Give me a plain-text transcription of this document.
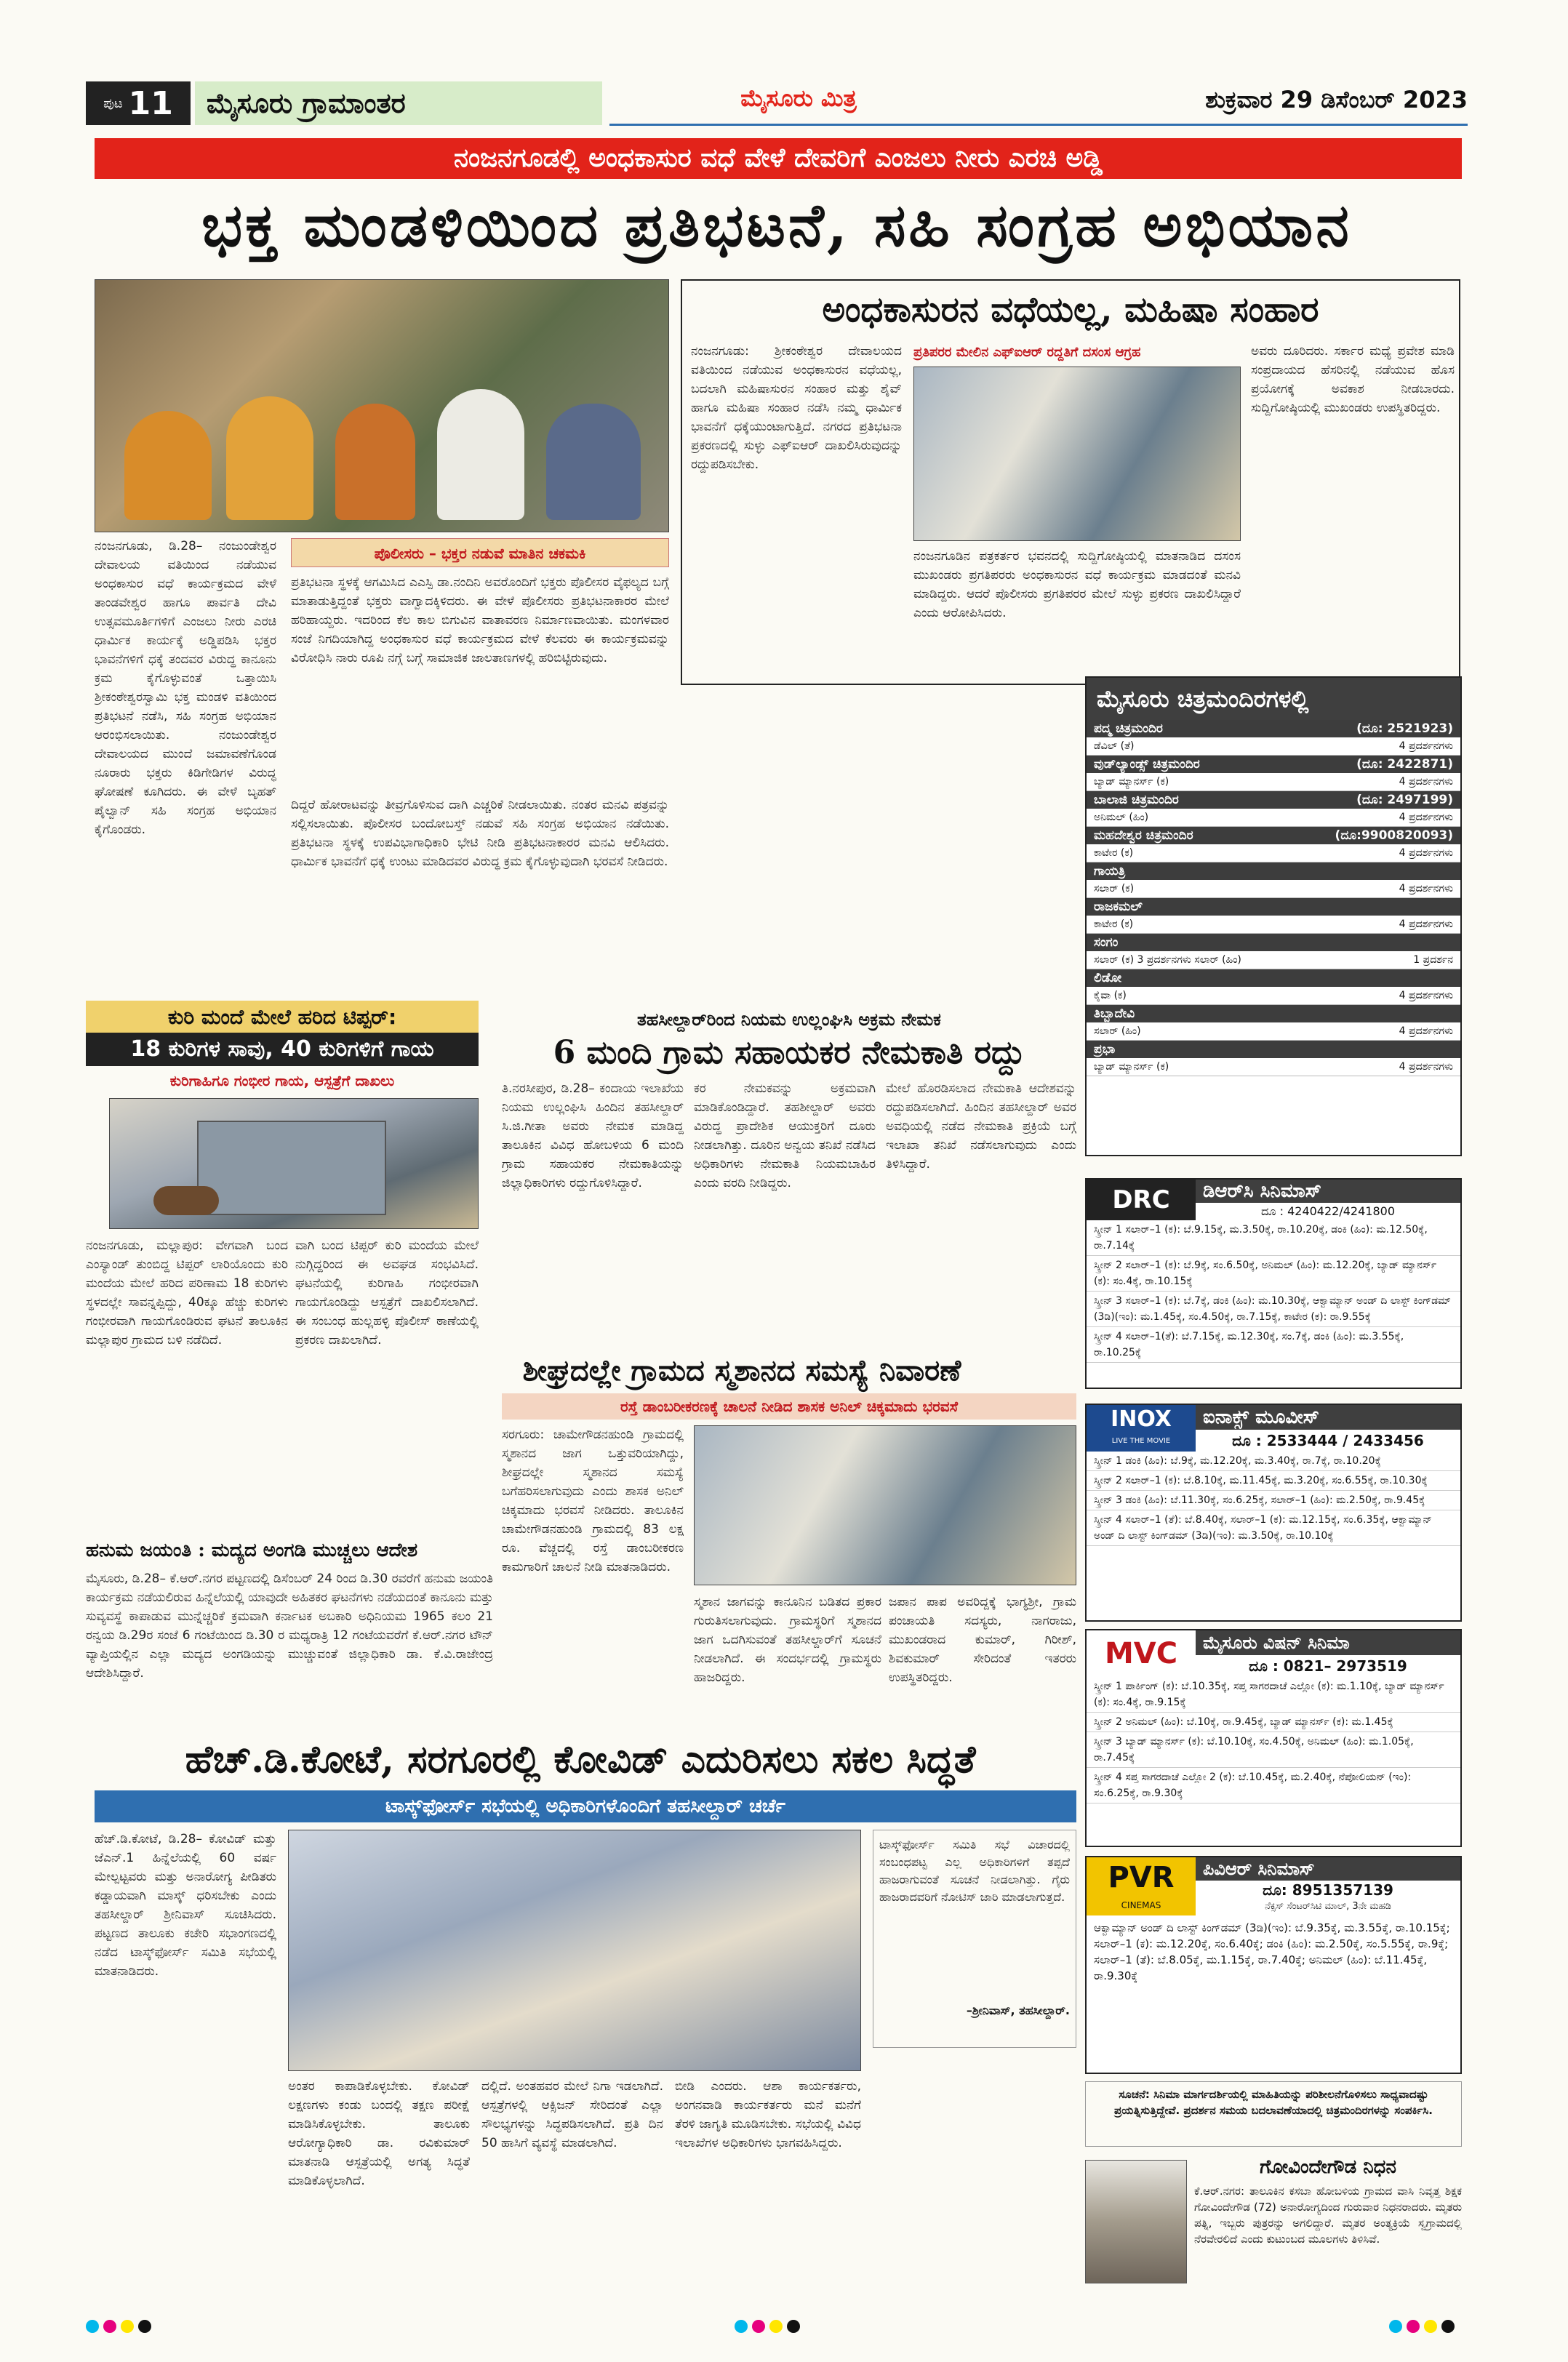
ಪುಟ 11	ಮೈಸೂರು ಗ್ರಾಮಾಂತರ	ಮೈಸೂರು ಮಿತ್ರ	ಶುಕ್ರವಾರ 29 ಡಿಸೆಂಬರ್ 2023
ನಂಜನಗೂಡಲ್ಲಿ ಅಂಧಕಾಸುರ ವಧೆ ವೇಳೆ ದೇವರಿಗೆ ಎಂಜಲು ನೀರು ಎರಚಿ ಅಡ್ಡಿ
ಭಕ್ತ ಮಂಡಳಿಯಿಂದ ಪ್ರತಿಭಟನೆ, ಸಹಿ ಸಂಗ್ರಹ ಅಭಿಯಾನ
ನಂಜನಗೂಡು, ಡಿ.28– ನಂಜುಂಡೇಶ್ವರ ದೇವಾಲಯ ವತಿಯಿಂದ ನಡೆಯುವ ಅಂಧಕಾಸುರ ವಧೆ ಕಾರ್ಯಕ್ರಮದ ವೇಳೆ ತಾಂಡವೇಶ್ವರ ಹಾಗೂ ಪಾರ್ವತಿ ದೇವಿ ಉತ್ಸವಮೂರ್ತಿಗಳಿಗೆ ಎಂಜಲು ನೀರು ಎರಚಿ ಧಾರ್ಮಿಕ ಕಾರ್ಯಕ್ಕೆ ಅಡ್ಡಿಪಡಿಸಿ ಭಕ್ತರ ಭಾವನೆಗಳಿಗೆ ಧಕ್ಕೆ ತಂದವರ ವಿರುದ್ಧ ಕಾನೂನು ಕ್ರಮ ಕೈಗೊಳ್ಳುವಂತೆ ಒತ್ತಾಯಿಸಿ ಶ್ರೀಕಂಠೇಶ್ವರಸ್ವಾಮಿ ಭಕ್ತ ಮಂಡಳಿ ವತಿಯಿಂದ ಪ್ರತಿಭಟನೆ ನಡೆಸಿ, ಸಹಿ ಸಂಗ್ರಹ ಅಭಿಯಾನ ಆರಂಭಿಸಲಾಯಿತು. ನಂಜುಂಡೇಶ್ವರ ದೇವಾಲಯದ ಮುಂದೆ ಜಮಾವಣೆಗೊಂಡ ನೂರಾರು ಭಕ್ತರು ಕಿಡಿಗೇಡಿಗಳ ವಿರುದ್ಧ ಘೋಷಣೆ ಕೂಗಿದರು. ಈ ವೇಳೆ ಬೃಹತ್ ಪೈಲ್ವಾನ್ ಸಹಿ ಸಂಗ್ರಹ ಅಭಿಯಾನ ಕೈಗೊಂಡರು.
ಪೊಲೀಸರು – ಭಕ್ತರ ನಡುವೆ ಮಾತಿನ ಚಕಮಕಿ
ಪ್ರತಿಭಟನಾ ಸ್ಥಳಕ್ಕೆ ಆಗಮಿಸಿದ ಎಎಸ್ಪಿ ಡಾ.ನಂದಿನಿ ಅವರೊಂದಿಗೆ ಭಕ್ತರು ಪೊಲೀಸರ ವೈಫಲ್ಯದ ಬಗ್ಗೆ ಮಾತಾಡುತ್ತಿದ್ದಂತೆ ಭಕ್ತರು ವಾಗ್ವಾದಕ್ಕಿಳಿದರು. ಈ ವೇಳೆ ಪೊಲೀಸರು ಪ್ರತಿಭಟನಾಕಾರರ ಮೇಲೆ ಹರಿಹಾಯ್ದರು. ಇದರಿಂದ ಕೆಲ ಕಾಲ ಬಿಗುವಿನ ವಾತಾವರಣ ನಿರ್ಮಾಣವಾಯಿತು. ಮಂಗಳವಾರ ಸಂಜೆ ನಿಗದಿಯಾಗಿದ್ದ ಅಂಧಕಾಸುರ ವಧೆ ಕಾರ್ಯಕ್ರಮದ ವೇಳೆ ಕೆಲವರು ಈ ಕಾರ್ಯಕ್ರಮವನ್ನು ವಿರೋಧಿಸಿ ನಾರು ರೂಪಿ ನಗ್ಗೆ ಬಗ್ಗೆ ಸಾಮಾಜಿಕ ಜಾಲತಾಣಗಳಲ್ಲಿ ಹರಿಬಿಟ್ಟಿರುವುದು.
ದಿದ್ದರೆ ಹೋರಾಟವನ್ನು ತೀವ್ರಗೊಳಿಸುವ ದಾಗಿ ಎಚ್ಚರಿಕೆ ನೀಡಲಾಯಿತು. ನಂತರ ಮನವಿ ಪತ್ರವನ್ನು ಸಲ್ಲಿಸಲಾಯಿತು. ಪೊಲೀಸರ ಬಂದೋಬಸ್ತ್ ನಡುವೆ ಸಹಿ ಸಂಗ್ರಹ ಅಭಿಯಾನ ನಡೆಯಿತು. ಪ್ರತಿಭಟನಾ ಸ್ಥಳಕ್ಕೆ ಉಪವಿಭಾಗಾಧಿಕಾರಿ ಭೇಟಿ ನೀಡಿ ಪ್ರತಿಭಟನಾಕಾರರ ಮನವಿ ಆಲಿಸಿದರು. ಧಾರ್ಮಿಕ ಭಾವನೆಗೆ ಧಕ್ಕೆ ಉಂಟು ಮಾಡಿದವರ ವಿರುದ್ಧ ಕ್ರಮ ಕೈಗೊಳ್ಳುವುದಾಗಿ ಭರವಸೆ ನೀಡಿದರು.
ಅಂಧಕಾಸುರನ ವಧೆಯಲ್ಲ, ಮಹಿಷಾ ಸಂಹಾರ
ನಂಜನಗೂಡು: ಶ್ರೀಕಂಠೇಶ್ವರ ದೇವಾಲಯದ ವತಿಯಿಂದ ನಡೆಯುವ ಅಂಧಕಾಸುರನ ವಧೆಯಲ್ಲ, ಬದಲಾಗಿ ಮಹಿಷಾಸುರನ ಸಂಹಾರ ಮತ್ತು ಶೈವ್‌ ಹಾಗೂ ಮಹಿಷಾ ಸಂಹಾರ ನಡೆಸಿ ನಮ್ಮ ಧಾರ್ಮಿಕ ಭಾವನೆಗೆ ಧಕ್ಕೆಯುಂಟಾಗುತ್ತಿದೆ. ನಗರದ ಪ್ರತಿಭಟನಾ ಪ್ರಕರಣದಲ್ಲಿ ಸುಳ್ಳು ಎಫ್‌ಐಆರ್ ದಾಖಲಿಸಿರುವುದನ್ನು ರದ್ದುಪಡಿಸಬೇಕು.
ಪ್ರತಿಪರರ ಮೇಲಿನ ಎಫ್‌ಐಆರ್ ರದ್ದತಿಗೆ ದಸಂಸ ಆಗ್ರಹ
ನಂಜನಗೂಡಿನ ಪತ್ರಕರ್ತರ ಭವನದಲ್ಲಿ ಸುದ್ದಿಗೋಷ್ಠಿಯಲ್ಲಿ ಮಾತನಾಡಿದ ದಸಂಸ ಮುಖಂಡರು ಪ್ರಗತಿಪರರು ಅಂಧಕಾಸುರನ ವಧೆ ಕಾರ್ಯಕ್ರಮ ಮಾಡದಂತೆ ಮನವಿ ಮಾಡಿದ್ದರು. ಆದರೆ ಪೊಲೀಸರು ಪ್ರಗತಿಪರರ ಮೇಲೆ ಸುಳ್ಳು ಪ್ರಕರಣ ದಾಖಲಿಸಿದ್ದಾರೆ ಎಂದು ಆರೋಪಿಸಿದರು.
ಅವರು ದೂರಿದರು. ಸರ್ಕಾರ ಮಧ್ಯೆ ಪ್ರವೇಶ ಮಾಡಿ ಸಂಪ್ರದಾಯದ ಹೆಸರಿನಲ್ಲಿ ನಡೆಯುವ ಹೊಸ ಪ್ರಯೋಗಕ್ಕೆ ಅವಕಾಶ ನೀಡಬಾರದು. ಸುದ್ದಿಗೋಷ್ಠಿಯಲ್ಲಿ ಮುಖಂಡರು ಉಪಸ್ಥಿತರಿದ್ದರು.
ಮೈಸೂರು ಚಿತ್ರಮಂದಿರಗಳಲ್ಲಿ
ಪದ್ಮ ಚಿತ್ರಮಂದಿರ	(ದೂ: 2521923)
ಡೆವಿಲ್ (ತೆ)	4 ಪ್ರದರ್ಶನಗಳು
ವುಡ್‌ಲ್ಯಾಂಡ್ಸ್ ಚಿತ್ರಮಂದಿರ	(ದೂ: 2422871)
ಬ್ಯಾಡ್ ಮ್ಯಾನರ್ಸ್ (ಕ)	4 ಪ್ರದರ್ಶನಗಳು
ಬಾಲಾಜಿ ಚಿತ್ರಮಂದಿರ	(ದೂ: 2497199)
ಅನಿಮಲ್ (ಹಿಂ)	4 ಪ್ರದರ್ಶನಗಳು
ಮಹದೇಶ್ವರ ಚಿತ್ರಮಂದಿರ	(ದೂ:9900820093)
ಕಾಟೇರ (ಕ)	4 ಪ್ರದರ್ಶನಗಳು
ಗಾಯತ್ರಿ
ಸಲಾರ್ (ಕ)	4 ಪ್ರದರ್ಶನಗಳು
ರಾಜಕಮಲ್
ಕಾಟೇರ (ಕ)	4 ಪ್ರದರ್ಶನಗಳು
ಸಂಗಂ
ಸಲಾರ್ (ಕ) 3 ಪ್ರದರ್ಶನಗಳು ಸಲಾರ್ (ಹಿಂ)	1 ಪ್ರದರ್ಶನ
ಲಿಡೋ
ಕೈವಾ (ಕ)	4 ಪ್ರದರ್ಶನಗಳು
ತಿಬ್ಬಾದೇವಿ
ಸಲಾರ್ (ಹಿಂ)	4 ಪ್ರದರ್ಶನಗಳು
ಪ್ರಭಾ
ಬ್ಯಾಡ್ ಮ್ಯಾನರ್ಸ್ (ಕ)	4 ಪ್ರದರ್ಶನಗಳು
ಕುರಿ ಮಂದೆ ಮೇಲೆ ಹರಿದ ಟಿಪ್ಪರ್:
18 ಕುರಿಗಳ ಸಾವು, 40 ಕುರಿಗಳಿಗೆ ಗಾಯ
ಕುರಿಗಾಹಿಗೂ ಗಂಭೀರ ಗಾಯ, ಆಸ್ಪತ್ರೆಗೆ ದಾಖಲು
ನಂಜನಗೂಡು, ಮಲ್ಲಾಪುರ: ವೇಗವಾಗಿ ಬಂದ ಎಂಸ್ಯಾಂಡ್ ತುಂಬಿದ್ದ ಟಿಪ್ಪರ್ ಲಾರಿಯೊಂದು ಕುರಿ ಮಂದೆಯ ಮೇಲೆ ಹರಿದ ಪರಿಣಾಮ 18 ಕುರಿಗಳು ಸ್ಥಳದಲ್ಲೇ ಸಾವನ್ನಪ್ಪಿದ್ದು, 40ಕ್ಕೂ ಹೆಚ್ಚು ಕುರಿಗಳು ಗಂಭೀರವಾಗಿ ಗಾಯಗೊಂಡಿರುವ ಘಟನೆ ತಾಲೂಕಿನ ಮಲ್ಲಾಪುರ ಗ್ರಾಮದ ಬಳಿ ನಡೆದಿದೆ.
ವಾಗಿ ಬಂದ ಟಿಪ್ಪರ್ ಕುರಿ ಮಂದೆಯ ಮೇಲೆ ನುಗ್ಗಿದ್ದರಿಂದ ಈ ಅವಘಡ ಸಂಭವಿಸಿದೆ. ಘಟನೆಯಲ್ಲಿ ಕುರಿಗಾಹಿ ಗಂಭೀರವಾಗಿ ಗಾಯಗೊಂಡಿದ್ದು ಆಸ್ಪತ್ರೆಗೆ ದಾಖಲಿಸಲಾಗಿದೆ. ಈ ಸಂಬಂಧ ಹುಲ್ಲಹಳ್ಳಿ ಪೊಲೀಸ್ ಠಾಣೆಯಲ್ಲಿ ಪ್ರಕರಣ ದಾಖಲಾಗಿದೆ.
ತಹಸೀಲ್ದಾರ್‌ರಿಂದ ನಿಯಮ ಉಲ್ಲಂಘಿಸಿ ಅಕ್ರಮ ನೇಮಕ
6 ಮಂದಿ ಗ್ರಾಮ ಸಹಾಯಕರ ನೇಮಕಾತಿ ರದ್ದು
ತಿ.ನರಸೀಪುರ, ಡಿ.28– ಕಂದಾಯ ಇಲಾಖೆಯ ನಿಯಮ ಉಲ್ಲಂಘಿಸಿ ಹಿಂದಿನ ತಹಸೀಲ್ದಾರ್ ಸಿ.ಜಿ.ಗೀತಾ ಅವರು ನೇಮಕ ಮಾಡಿದ್ದ ತಾಲೂಕಿನ ವಿವಿಧ ಹೋಬಳಿಯ 6 ಮಂದಿ ಗ್ರಾಮ ಸಹಾಯಕರ ನೇಮಕಾತಿಯನ್ನು ಜಿಲ್ಲಾಧಿಕಾರಿಗಳು ರದ್ದುಗೊಳಿಸಿದ್ದಾರೆ.
ಕರ ನೇಮಕವನ್ನು ಅಕ್ರಮವಾಗಿ ಮಾಡಿಕೊಂಡಿದ್ದಾರೆ. ತಹಶೀಲ್ದಾರ್ ಅವರು ವಿರುದ್ಧ ಪ್ರಾದೇಶಿಕ ಆಯುಕ್ತರಿಗೆ ದೂರು ನೀಡಲಾಗಿತ್ತು. ದೂರಿನ ಅನ್ವಯ ತನಿಖೆ ನಡೆಸಿದ ಅಧಿಕಾರಿಗಳು ನೇಮಕಾತಿ ನಿಯಮಬಾಹಿರ ಎಂದು ವರದಿ ನೀಡಿದ್ದರು.
ಮೇಲೆ ಹೊರಡಿಸಲಾದ ನೇಮಕಾತಿ ಆದೇಶವನ್ನು ರದ್ದುಪಡಿಸಲಾಗಿದೆ. ಹಿಂದಿನ ತಹಸೀಲ್ದಾರ್ ಅವರ ಅವಧಿಯಲ್ಲಿ ನಡೆದ ನೇಮಕಾತಿ ಪ್ರಕ್ರಿಯೆ ಬಗ್ಗೆ ಇಲಾಖಾ ತನಿಖೆ ನಡೆಸಲಾಗುವುದು ಎಂದು ತಿಳಿಸಿದ್ದಾರೆ.
DRC	ಡಿಆರ್‌ಸಿ ಸಿನಿಮಾಸ್
ದೂ : 4240422/4241800
ಸ್ಕ್ರೀನ್ 1 ಸಲಾರ್–1 (ಕ): ಬೆ.9.15ಕ್ಕೆ, ಮ.3.50ಕ್ಕೆ, ರಾ.10.20ಕ್ಕೆ, ಡಂಕಿ (ಹಿಂ): ಮ.12.50ಕ್ಕೆ, ರಾ.7.14ಕ್ಕೆ
ಸ್ಕ್ರೀನ್ 2 ಸಲಾರ್–1 (ಕ): ಬೆ.9ಕ್ಕೆ, ಸಂ.6.50ಕ್ಕೆ, ಅನಿಮಲ್ (ಹಿಂ): ಮ.12.20ಕ್ಕೆ, ಬ್ಯಾಡ್ ಮ್ಯಾನರ್ಸ್ (ಕ): ಸಂ.4ಕ್ಕೆ, ರಾ.10.15ಕ್ಕೆ
ಸ್ಕ್ರೀನ್ 3 ಸಲಾರ್–1 (ಕ): ಬೆ.7ಕ್ಕೆ, ಡಂಕಿ (ಹಿಂ): ಮ.10.30ಕ್ಕೆ, ಆಕ್ವಾಮ್ಯಾನ್ ಅಂಡ್ ದಿ ಲಾಸ್ಟ್ ಕಿಂಗ್‌ಡಮ್ (3ಡಿ)(ಇಂ): ಮ.1.45ಕ್ಕೆ, ಸಂ.4.50ಕ್ಕೆ, ರಾ.7.15ಕ್ಕೆ, ಕಾಟೇರ (ಕ): ರಾ.9.55ಕ್ಕೆ
ಸ್ಕ್ರೀನ್ 4 ಸಲಾರ್–1(ತೆ): ಬೆ.7.15ಕ್ಕೆ, ಮ.12.30ಕ್ಕೆ, ಸಂ.7ಕ್ಕೆ, ಡಂಕಿ (ಹಿಂ): ಮ.3.55ಕ್ಕೆ, ರಾ.10.25ಕ್ಕೆ
ಶೀಘ್ರದಲ್ಲೇ ಗ್ರಾಮದ ಸ್ಮಶಾನದ ಸಮಸ್ಯೆ ನಿವಾರಣೆ
ರಸ್ತೆ ಡಾಂಬರೀಕರಣಕ್ಕೆ ಚಾಲನೆ ನೀಡಿದ ಶಾಸಕ ಅನಿಲ್ ಚಿಕ್ಕಮಾದು ಭರವಸೆ
ಸರಗೂರು: ಚಾಮೇಗೌಡನಹುಂಡಿ ಗ್ರಾಮದಲ್ಲಿ ಸ್ಮಶಾನದ ಜಾಗ ಒತ್ತುವರಿಯಾಗಿದ್ದು, ಶೀಘ್ರದಲ್ಲೇ ಸ್ಮಶಾನದ ಸಮಸ್ಯೆ ಬಗೆಹರಿಸಲಾಗುವುದು ಎಂದು ಶಾಸಕ ಅನಿಲ್ ಚಿಕ್ಕಮಾದು ಭರವಸೆ ನೀಡಿದರು. ತಾಲೂಕಿನ ಚಾಮೇಗೌಡನಹುಂಡಿ ಗ್ರಾಮದಲ್ಲಿ 83 ಲಕ್ಷ ರೂ. ವೆಚ್ಚದಲ್ಲಿ ರಸ್ತೆ ಡಾಂಬರೀಕರಣ ಕಾಮಗಾರಿಗೆ ಚಾಲನೆ ನೀಡಿ ಮಾತನಾಡಿದರು.
ಸ್ಮಶಾನ ಜಾಗವನ್ನು ಕಾನೂನಿನ ಬಡಿತದ ಪ್ರಕಾರ ಗುರುತಿಸಲಾಗುವುದು. ಗ್ರಾಮಸ್ಥರಿಗೆ ಸ್ಮಶಾನದ ಜಾಗ ಒದಗಿಸುವಂತೆ ತಹಸೀಲ್ದಾರ್‌ಗೆ ಸೂಚನೆ ನೀಡಲಾಗಿದೆ. ಈ ಸಂದರ್ಭದಲ್ಲಿ ಗ್ರಾಮಸ್ಥರು ಹಾಜರಿದ್ದರು.
ಜಪಾನ ಪಾಪ ಅವರಿದ್ದಕ್ಕೆ ಭಾಗ್ಯಶ್ರೀ, ಗ್ರಾಮ ಪಂಚಾಯತಿ ಸದಸ್ಯರು, ನಾಗರಾಜು, ಮುಖಂಡರಾದ ಕುಮಾರ್, ಗಿರೀಶ್, ಶಿವಕುಮಾರ್ ಸೇರಿದಂತೆ ಇತರರು ಉಪಸ್ಥಿತರಿದ್ದರು.
ಹನುಮ ಜಯಂತಿ : ಮದ್ಯದ ಅಂಗಡಿ ಮುಚ್ಚಲು ಆದೇಶ
ಮೈಸೂರು, ಡಿ.28– ಕೆ.ಆರ್.ನಗರ ಪಟ್ಟಣದಲ್ಲಿ ಡಿಸೆಂಬರ್ 24 ರಿಂದ ಡಿ.30 ರವರೆಗೆ ಹನುಮ ಜಯಂತಿ ಕಾರ್ಯಕ್ರಮ ನಡೆಯಲಿರುವ ಹಿನ್ನೆಲೆಯಲ್ಲಿ ಯಾವುದೇ ಅಹಿತಕರ ಘಟನೆಗಳು ನಡೆಯದಂತೆ ಕಾನೂನು ಮತ್ತು ಸುವ್ಯವಸ್ಥೆ ಕಾಪಾಡುವ ಮುನ್ನೆಚ್ಚರಿಕೆ ಕ್ರಮವಾಗಿ ಕರ್ನಾಟಕ ಅಬಕಾರಿ ಅಧಿನಿಯಮ 1965 ಕಲಂ 21 ರನ್ವಯ ಡಿ.29ರ ಸಂಜೆ 6 ಗಂಟೆಯಿಂದ ಡಿ.30 ರ ಮಧ್ಯರಾತ್ರಿ 12 ಗಂಟೆಯವರೆಗೆ ಕೆ.ಆರ್.ನಗರ ಟೌನ್ ವ್ಯಾಪ್ತಿಯಲ್ಲಿನ ಎಲ್ಲಾ ಮದ್ಯದ ಅಂಗಡಿಯನ್ನು ಮುಚ್ಚುವಂತೆ ಜಿಲ್ಲಾಧಿಕಾರಿ ಡಾ. ಕೆ.ವಿ.ರಾಜೇಂದ್ರ ಆದೇಶಿಸಿದ್ದಾರೆ.
INOX
LIVE THE MOVIE
ಐನಾಕ್ಸ್ ಮೂವೀಸ್
ದೂ : 2533444 / 2433456
ಸ್ಕ್ರೀನ್ 1 ಡಂಕಿ (ಹಿಂ): ಬೆ.9ಕ್ಕೆ, ಮ.12.20ಕ್ಕೆ, ಮ.3.40ಕ್ಕೆ, ರಾ.7ಕ್ಕೆ, ರಾ.10.20ಕ್ಕೆ
ಸ್ಕ್ರೀನ್ 2 ಸಲಾರ್–1 (ಕ): ಬೆ.8.10ಕ್ಕೆ, ಮ.11.45ಕ್ಕೆ, ಮ.3.20ಕ್ಕೆ, ಸಂ.6.55ಕ್ಕೆ, ರಾ.10.30ಕ್ಕೆ
ಸ್ಕ್ರೀನ್ 3 ಡಂಕಿ (ಹಿಂ): ಬೆ.11.30ಕ್ಕೆ, ಸಂ.6.25ಕ್ಕೆ, ಸಲಾರ್–1 (ಹಿಂ): ಮ.2.50ಕ್ಕೆ, ರಾ.9.45ಕ್ಕೆ
ಸ್ಕ್ರೀನ್ 4 ಸಲಾರ್–1 (ತೆ): ಬೆ.8.40ಕ್ಕೆ, ಸಲಾರ್–1 (ಕ): ಮ.12.15ಕ್ಕೆ, ಸಂ.6.35ಕ್ಕೆ, ಆಕ್ವಾಮ್ಯಾನ್ ಅಂಡ್ ದಿ ಲಾಸ್ಟ್ ಕಿಂಗ್‌ಡಮ್ (3ಡಿ)(ಇಂ): ಮ.3.50ಕ್ಕೆ, ರಾ.10.10ಕ್ಕೆ
MVC	ಮೈಸೂರು ವಿಷನ್ ಸಿನಿಮಾ
ದೂ : 0821– 2973519
ಸ್ಕ್ರೀನ್ 1 ಪಾರ್ಕಿಂಗ್ (ಕ): ಬೆ.10.35ಕ್ಕೆ, ಸಪ್ತ ಸಾಗರದಾಚೆ ಎಲ್ಲೋ (ಕ): ಮ.1.10ಕ್ಕೆ, ಬ್ಯಾಡ್ ಮ್ಯಾನರ್ಸ್ (ಕ): ಸಂ.4ಕ್ಕೆ, ರಾ.9.15ಕ್ಕೆ
ಸ್ಕ್ರೀನ್ 2 ಅನಿಮಲ್ (ಹಿಂ): ಬೆ.10ಕ್ಕೆ, ರಾ.9.45ಕ್ಕೆ, ಬ್ಯಾಡ್ ಮ್ಯಾನರ್ಸ್ (ಕ): ಮ.1.45ಕ್ಕೆ
ಸ್ಕ್ರೀನ್ 3 ಬ್ಯಾಡ್ ಮ್ಯಾನರ್ಸ್ (ಕ): ಬೆ.10.10ಕ್ಕೆ, ಸಂ.4.50ಕ್ಕೆ, ಅನಿಮಲ್ (ಹಿಂ): ಮ.1.05ಕ್ಕೆ, ರಾ.7.45ಕ್ಕೆ
ಸ್ಕ್ರೀನ್ 4 ಸಪ್ತ ಸಾಗರದಾಚೆ ಎಲ್ಲೋ 2 (ಕ): ಬೆ.10.45ಕ್ಕೆ, ಮ.2.40ಕ್ಕೆ, ನೆಪೋಲಿಯನ್ (ಇಂ): ಸಂ.6.25ಕ್ಕೆ, ರಾ.9.30ಕ್ಕೆ
ಹೆಚ್.ಡಿ.ಕೋಟೆ, ಸರಗೂರಲ್ಲಿ ಕೋವಿಡ್ ಎದುರಿಸಲು ಸಕಲ ಸಿದ್ಧತೆ
ಟಾಸ್ಕ್‌ಫೋರ್ಸ್ ಸಭೆಯಲ್ಲಿ ಅಧಿಕಾರಿಗಳೊಂದಿಗೆ ತಹಸೀಲ್ದಾರ್ ಚರ್ಚೆ
ಹೆಚ್.ಡಿ.ಕೋಟೆ, ಡಿ.28– ಕೋವಿಡ್ ಮತ್ತು ಜೆಎನ್.1 ಹಿನ್ನೆಲೆಯಲ್ಲಿ 60 ವರ್ಷ ಮೇಲ್ಪಟ್ಟವರು ಮತ್ತು ಅನಾರೋಗ್ಯ ಪೀಡಿತರು ಕಡ್ಡಾಯವಾಗಿ ಮಾಸ್ಕ್ ಧರಿಸಬೇಕು ಎಂದು ತಹಸೀಲ್ದಾರ್ ಶ್ರೀನಿವಾಸ್ ಸೂಚಿಸಿದರು. ಪಟ್ಟಣದ ತಾಲೂಕು ಕಚೇರಿ ಸಭಾಂಗಣದಲ್ಲಿ ನಡೆದ ಟಾಸ್ಕ್‌ಫೋರ್ಸ್ ಸಮಿತಿ ಸಭೆಯಲ್ಲಿ ಮಾತನಾಡಿದರು.
ಅಂತರ ಕಾಪಾಡಿಕೊಳ್ಳಬೇಕು. ಕೋವಿಡ್ ಲಕ್ಷಣಗಳು ಕಂಡು ಬಂದಲ್ಲಿ ತಕ್ಷಣ ಪರೀಕ್ಷೆ ಮಾಡಿಸಿಕೊಳ್ಳಬೇಕು. ತಾಲೂಕು ಆರೋಗ್ಯಾಧಿಕಾರಿ ಡಾ. ರವಿಕುಮಾರ್ ಮಾತನಾಡಿ ಆಸ್ಪತ್ರೆಯಲ್ಲಿ ಅಗತ್ಯ ಸಿದ್ಧತೆ ಮಾಡಿಕೊಳ್ಳಲಾಗಿದೆ.
ದಲ್ಲಿದೆ. ಅಂತಹವರ ಮೇಲೆ ನಿಗಾ ಇಡಲಾಗಿದೆ. ಆಸ್ಪತ್ರೆಗಳಲ್ಲಿ ಆಕ್ಸಿಜನ್ ಸೇರಿದಂತೆ ಎಲ್ಲಾ ಸೌಲಭ್ಯಗಳನ್ನು ಸಿದ್ಧಪಡಿಸಲಾಗಿದೆ. ಪ್ರತಿ ದಿನ 50 ಹಾಸಿಗೆ ವ್ಯವಸ್ಥೆ ಮಾಡಲಾಗಿದೆ.
ಬೀಡಿ ಎಂದರು. ಆಶಾ ಕಾರ್ಯಕರ್ತರು, ಅಂಗನವಾಡಿ ಕಾರ್ಯಕರ್ತರು ಮನೆ ಮನೆಗೆ ತೆರಳಿ ಜಾಗೃತಿ ಮೂಡಿಸಬೇಕು. ಸಭೆಯಲ್ಲಿ ವಿವಿಧ ಇಲಾಖೆಗಳ ಅಧಿಕಾರಿಗಳು ಭಾಗವಹಿಸಿದ್ದರು.
ಟಾಸ್ಕ್‌ಫೋರ್ಸ್ ಸಮಿತಿ ಸಭೆ ವಿಚಾರದಲ್ಲಿ ಸಂಬಂಧಪಟ್ಟ ಎಲ್ಲ ಅಧಿಕಾರಿಗಳಿಗೆ ತಪ್ಪದೆ ಹಾಜರಾಗುವಂತೆ ಸೂಚನೆ ನೀಡಲಾಗಿತ್ತು. ಗೈರು ಹಾಜರಾದವರಿಗೆ ನೋಟಿಸ್ ಜಾರಿ ಮಾಡಲಾಗುತ್ತದೆ.
–ಶ್ರೀನಿವಾಸ್, ತಹಸೀಲ್ದಾರ್.
PVR
CINEMAS
ಪಿವಿಆರ್ ಸಿನಿಮಾಸ್
ದೂ: 8951357139
ನೆಕ್ಸಸ್ ಸೆಂಟರ್‌ಸಿಟಿ ಮಾಲ್, 3ನೇ ಮಹಡಿ
ಆಕ್ವಾಮ್ಯಾನ್ ಅಂಡ್ ದಿ ಲಾಸ್ಟ್ ಕಿಂಗ್‌ಡಮ್ (3ಡಿ)(ಇಂ): ಬೆ.9.35ಕ್ಕೆ, ಮ.3.55ಕ್ಕೆ, ರಾ.10.15ಕ್ಕೆ; ಸಲಾರ್–1 (ಕ): ಮ.12.20ಕ್ಕೆ, ಸಂ.6.40ಕ್ಕೆ; ಡಂಕಿ (ಹಿಂ): ಮ.2.50ಕ್ಕೆ, ಸಂ.5.55ಕ್ಕೆ, ರಾ.9ಕ್ಕೆ; ಸಲಾರ್–1 (ತೆ): ಬೆ.8.05ಕ್ಕೆ, ಮ.1.15ಕ್ಕೆ, ರಾ.7.40ಕ್ಕೆ; ಅನಿಮಲ್ (ಹಿಂ): ಬೆ.11.45ಕ್ಕೆ, ರಾ.9.30ಕ್ಕೆ
ಸೂಚನೆ: ಸಿನಿಮಾ ಮಾರ್ಗದರ್ಶಿಯಲ್ಲಿ ಮಾಹಿತಿಯನ್ನು ಪರಿಶೀಲನೆಗೊಳಿಸಲು ಸಾಧ್ಯವಾದಷ್ಟು ಪ್ರಯತ್ನಿಸುತ್ತಿದ್ದೇವೆ. ಪ್ರದರ್ಶನ ಸಮಯ ಬದಲಾವಣೆಯಾದಲ್ಲಿ ಚಿತ್ರಮಂದಿರಗಳನ್ನು ಸಂಪರ್ಕಿಸಿ.
ಗೋವಿಂದೇಗೌಡ ನಿಧನ
ಕೆ.ಆರ್.ನಗರ: ತಾಲೂಕಿನ ಕಸಬಾ ಹೋಬಳಿಯ ಗ್ರಾಮದ ವಾಸಿ ನಿವೃತ್ತ ಶಿಕ್ಷಕ ಗೋವಿಂದೇಗೌಡ (72) ಅನಾರೋಗ್ಯದಿಂದ ಗುರುವಾರ ನಿಧನರಾದರು. ಮೃತರು ಪತ್ನಿ, ಇಬ್ಬರು ಪುತ್ರರನ್ನು ಅಗಲಿದ್ದಾರೆ. ಮೃತರ ಅಂತ್ಯಕ್ರಿಯೆ ಸ್ವಗ್ರಾಮದಲ್ಲಿ ನೆರವೇರಲಿದೆ ಎಂದು ಕುಟುಂಬದ ಮೂಲಗಳು ತಿಳಿಸಿವೆ.
